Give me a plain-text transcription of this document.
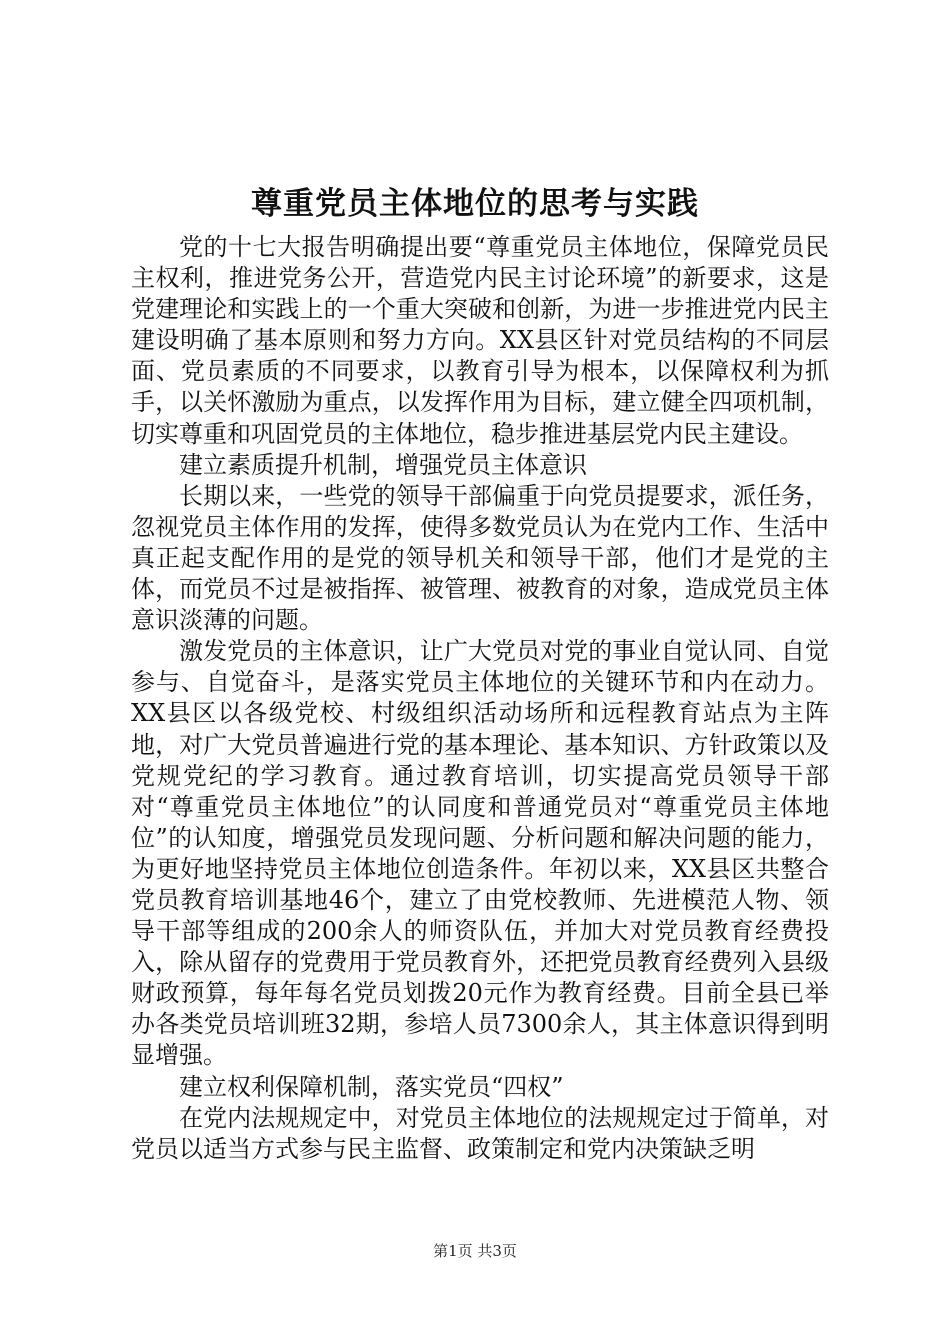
尊重党员主体地位的思考与实践

党的十七大报告明确提出要“尊重党员主体地位，保障党员民主权利，推进党务公开，营造党内民主讨论环境”的新要求，这是党建理论和实践上的一个重大突破和创新，为进一步推进党内民主建设明确了基本原则和努力方向。XX县区针对党员结构的不同层面、党员素质的不同要求，以教育引导为根本，以保障权利为抓手，以关怀激励为重点，以发挥作用为目标，建立健全四项机制，切实尊重和巩固党员的主体地位，稳步推进基层党内民主建设。

建立素质提升机制，增强党员主体意识

长期以来，一些党的领导干部偏重于向党员提要求，派任务，忽视党员主体作用的发挥，使得多数党员认为在党内工作、生活中真正起支配作用的是党的领导机关和领导干部，他们才是党的主体，而党员不过是被指挥、被管理、被教育的对象，造成党员主体意识淡薄的问题。

激发党员的主体意识，让广大党员对党的事业自觉认同、自觉参与、自觉奋斗，是落实党员主体地位的关键环节和内在动力。XX县区以各级党校、村级组织活动场所和远程教育站点为主阵地，对广大党员普遍进行党的基本理论、基本知识、方针政策以及党规党纪的学习教育。通过教育培训，切实提高党员领导干部对“尊重党员主体地位”的认同度和普通党员对“尊重党员主体地位”的认知度，增强党员发现问题、分析问题和解决问题的能力，为更好地坚持党员主体地位创造条件。年初以来，XX县区共整合党员教育培训基地46个，建立了由党校教师、先进模范人物、领导干部等组成的200余人的师资队伍，并加大对党员教育经费投入，除从留存的党费用于党员教育外，还把党员教育经费列入县级财政预算，每年每名党员划拨20元作为教育经费。目前全县已举办各类党员培训班32期，参培人员7300余人，其主体意识得到明显增强。

建立权利保障机制，落实党员“四权”

在党内法规规定中，对党员主体地位的法规规定过于简单，对党员以适当方式参与民主监督、政策制定和党内决策缺乏明

第1页 共3页
